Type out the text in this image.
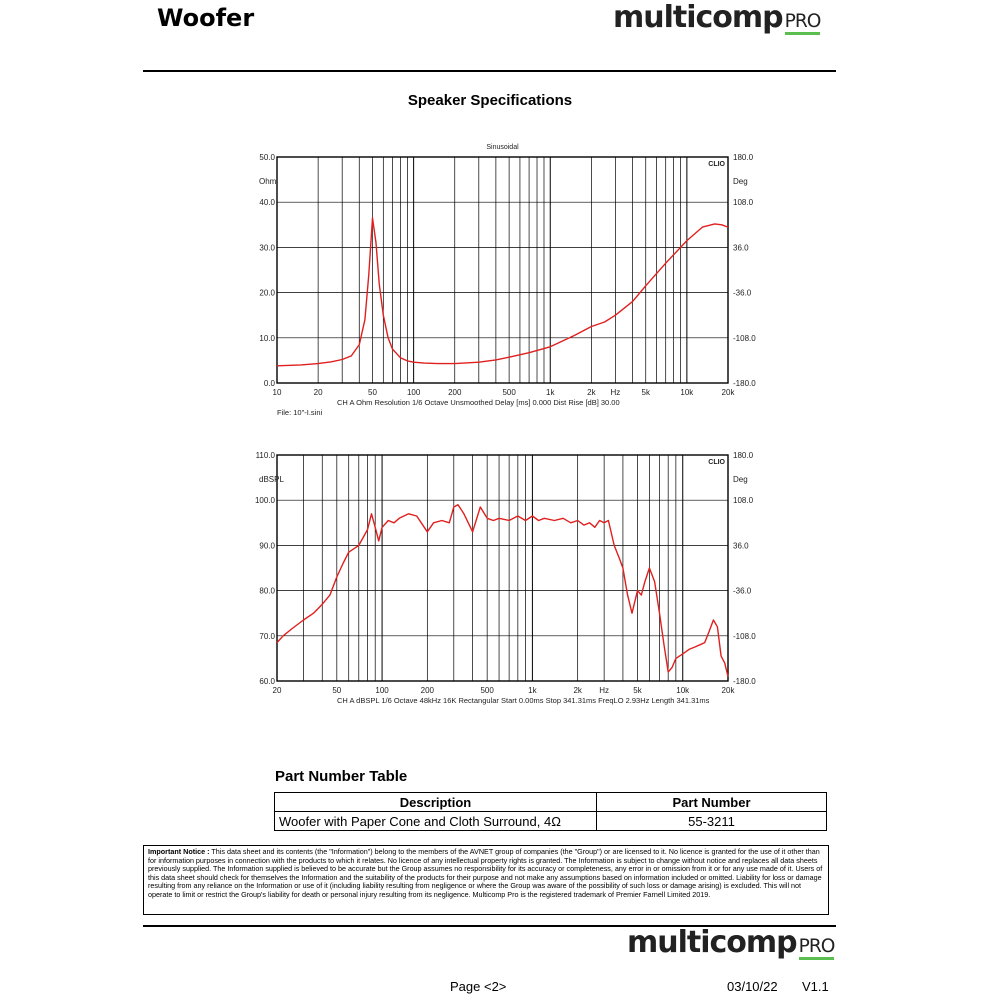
Woofer	multicomp PRO
Speaker Specifications
50.0	180.0
40.0	108.0
30.0	36.0
20.0	-36.0
10.0	-108.0
0.0	-180.0
Ohm	Deg
10	20	50	100	200	500	1k	2k Hz	5k	10k	20k
Sinusoidal
CLIO
CH A Ohm Resolution 1/6 Octave Unsmoothed Delay [ms] 0.000 Dist Rise [dB] 30.00
File: 10"-I.sini
110.0	180.0
100.0	108.0
90.0	36.0
80.0	-36.0
70.0	-108.0
60.0	-180.0
dBSPL	Deg
20	50	100	200	500	1k	2k Hz	5k	10k	20k
CLIO
CH A dBSPL 1/6 Octave 48kHz 16K Rectangular Start 0.00ms Stop 341.31ms FreqLO 2.93Hz Length 341.31ms
Part Number Table
Description	Part Number
Woofer with Paper Cone and Cloth Surround, 4Ω	55-3211
Important Notice : This data sheet and its contents (the "Information") belong to the members of the AVNET group of companies (the "Group") or are licensed to it. No licence is granted for the use of it other than for information purposes in connection with the products to which it relates. No licence of any intellectual property rights is granted. The Information is subject to change without notice and replaces all data sheets previously supplied. The Information supplied is believed to be accurate but the Group assumes no responsibility for its accuracy or completeness, any error in or omission from it or for any use made of it. Users of this data sheet should check for themselves the Information and the suitability of the products for their purpose and not make any assumptions based on information included or omitted. Liability for loss or damage resulting from any reliance on the Information or use of it (including liability resulting from negligence or where the Group was aware of the possibility of such loss or damage arising) is excluded. This will not operate to limit or restrict the Group's liability for death or personal injury resulting from its negligence. Multicomp Pro is the registered trademark of Premier Farnell Limited 2019.
multicomp PRO
Page <2>	03/10/22 V1.1
